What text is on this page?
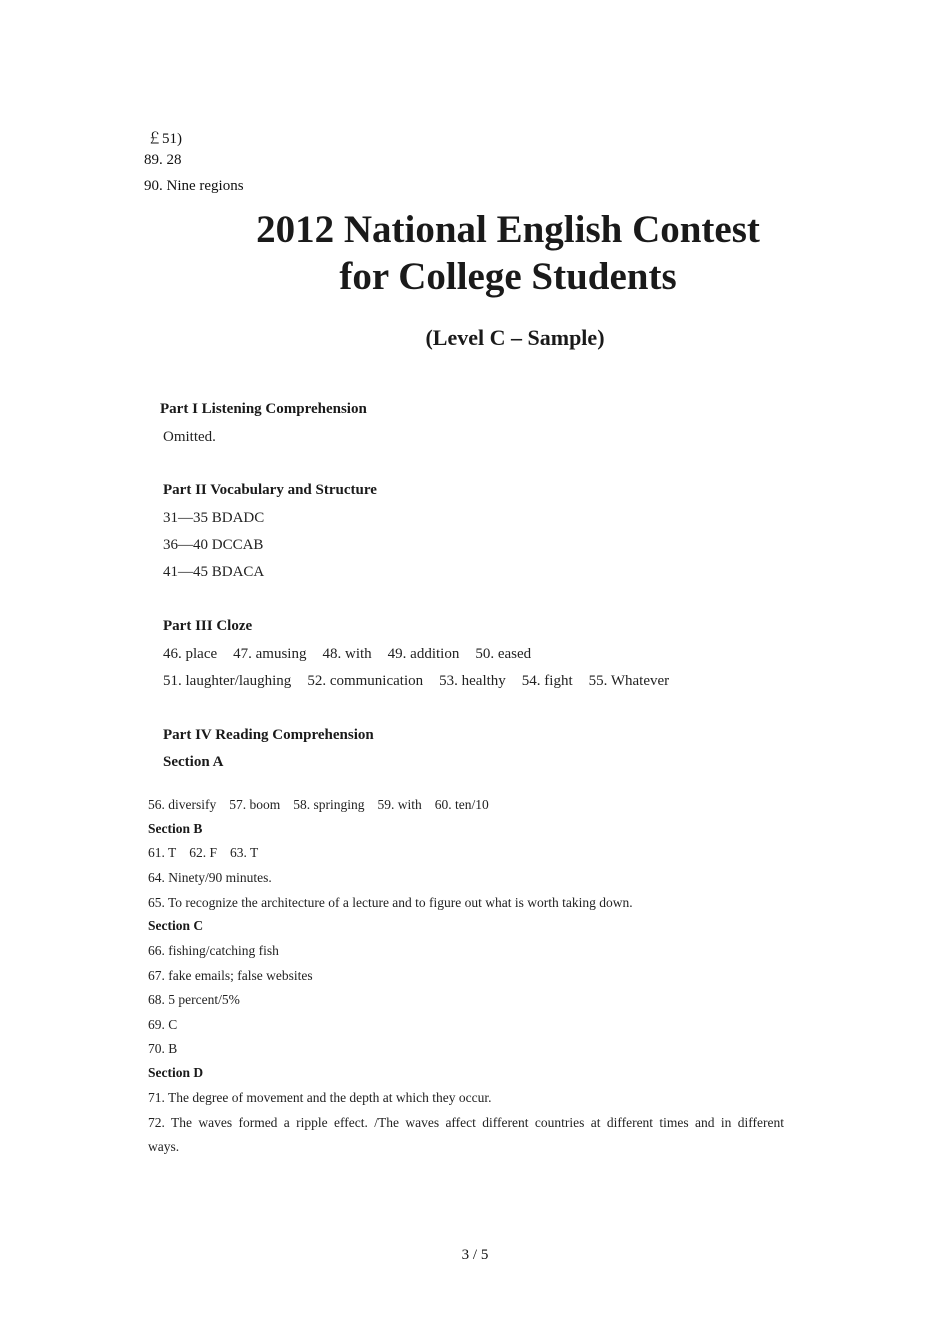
￡51)
89. 28
90. Nine regions
2012 National English Contest
for College Students
(Level C – Sample)
Part I Listening Comprehension
Omitted.
Part II Vocabulary and Structure
31—35 BDADC
36—40 DCCAB
41—45 BDACA
Part III Cloze
46. place 47. amusing 48. with 49. addition 50. eased
51. laughter/laughing 52. communication 53. healthy 54. fight 55. Whatever
Part IV Reading Comprehension
Section A
56. diversify 57. boom 58. springing 59. with 60. ten/10
Section B
61. T 62. F 63. T
64. Ninety/90 minutes.
65. To recognize the architecture of a lecture and to figure out what is worth taking down.
Section C
66. fishing/catching fish
67. fake emails; false websites
68. 5 percent/5%
69. C
70. B
Section D
71. The degree of movement and the depth at which they occur.
72. The waves formed a ripple effect. /The waves affect different countries at different times and in different
ways.
3 / 5
